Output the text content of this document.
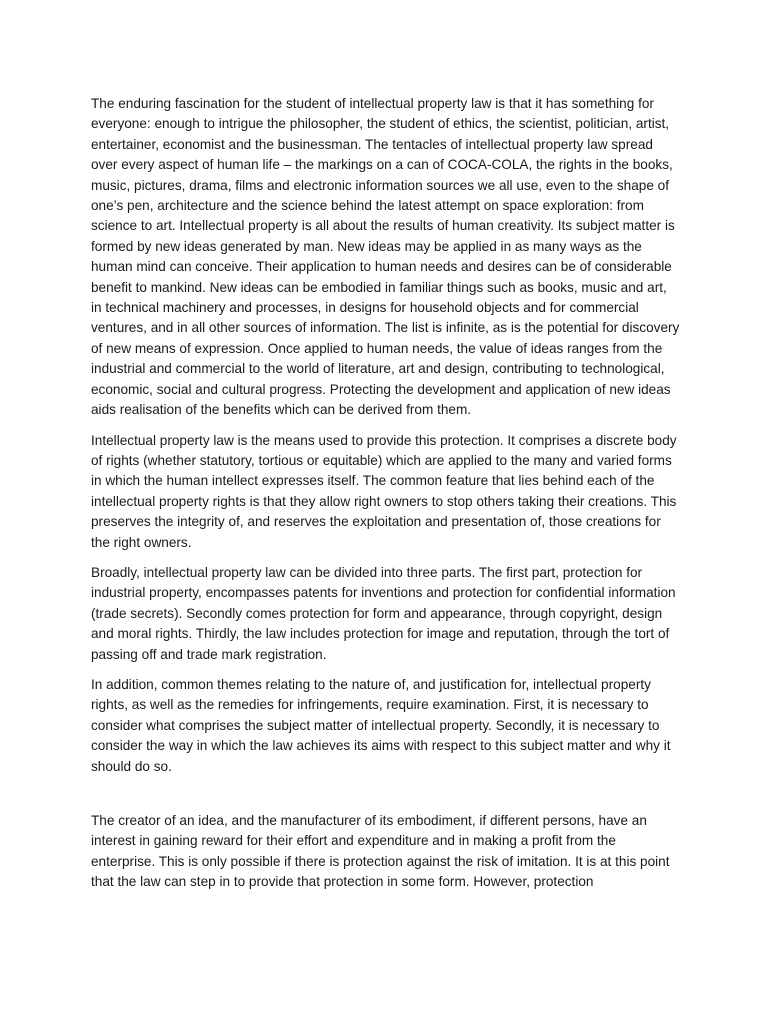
The enduring fascination for the student of intellectual property law is that it has something for everyone: enough to intrigue the philosopher, the student of ethics, the scientist, politician, artist, entertainer, economist and the businessman. The tentacles of intellectual property law spread over every aspect of human life – the markings on a can of COCA-COLA, the rights in the books, music, pictures, drama, films and electronic information sources we all use, even to the shape of one’s pen, architecture and the science behind the latest attempt on space exploration: from science to art. Intellectual property is all about the results of human creativity. Its subject matter is formed by new ideas generated by man. New ideas may be applied in as many ways as the human mind can conceive. Their application to human needs and desires can be of considerable benefit to mankind. New ideas can be embodied in familiar things such as books, music and art, in technical machinery and processes, in designs for household objects and for commercial ventures, and in all other sources of information. The list is infinite, as is the potential for discovery of new means of expression. Once applied to human needs, the value of ideas ranges from the industrial and commercial to the world of literature, art and design, contributing to technological, economic, social and cultural progress. Protecting the development and application of new ideas aids realisation of the benefits which can be derived from them.

Intellectual property law is the means used to provide this protection. It comprises a discrete body of rights (whether statutory, tortious or equitable) which are applied to the many and varied forms in which the human intellect expresses itself. The common feature that lies behind each of the intellectual property rights is that they allow right owners to stop others taking their creations. This preserves the integrity of, and reserves the exploitation and presentation of, those creations for the right owners.

Broadly, intellectual property law can be divided into three parts. The first part, protection for industrial property, encompasses patents for inventions and protection for confidential information (trade secrets). Secondly comes protection for form and appearance, through copyright, design and moral rights. Thirdly, the law includes protection for image and reputation, through the tort of passing off and trade mark registration.

In addition, common themes relating to the nature of, and justification for, intellectual property rights, as well as the remedies for infringements, require examination. First, it is necessary to consider what comprises the subject matter of intellectual property. Secondly, it is necessary to consider the way in which the law achieves its aims with respect to this subject matter and why it should do so.

The creator of an idea, and the manufacturer of its embodiment, if different persons, have an interest in gaining reward for their effort and expenditure and in making a profit from the enterprise. This is only possible if there is protection against the risk of imitation. It is at this point that the law can step in to provide that protection in some form. However, protection
